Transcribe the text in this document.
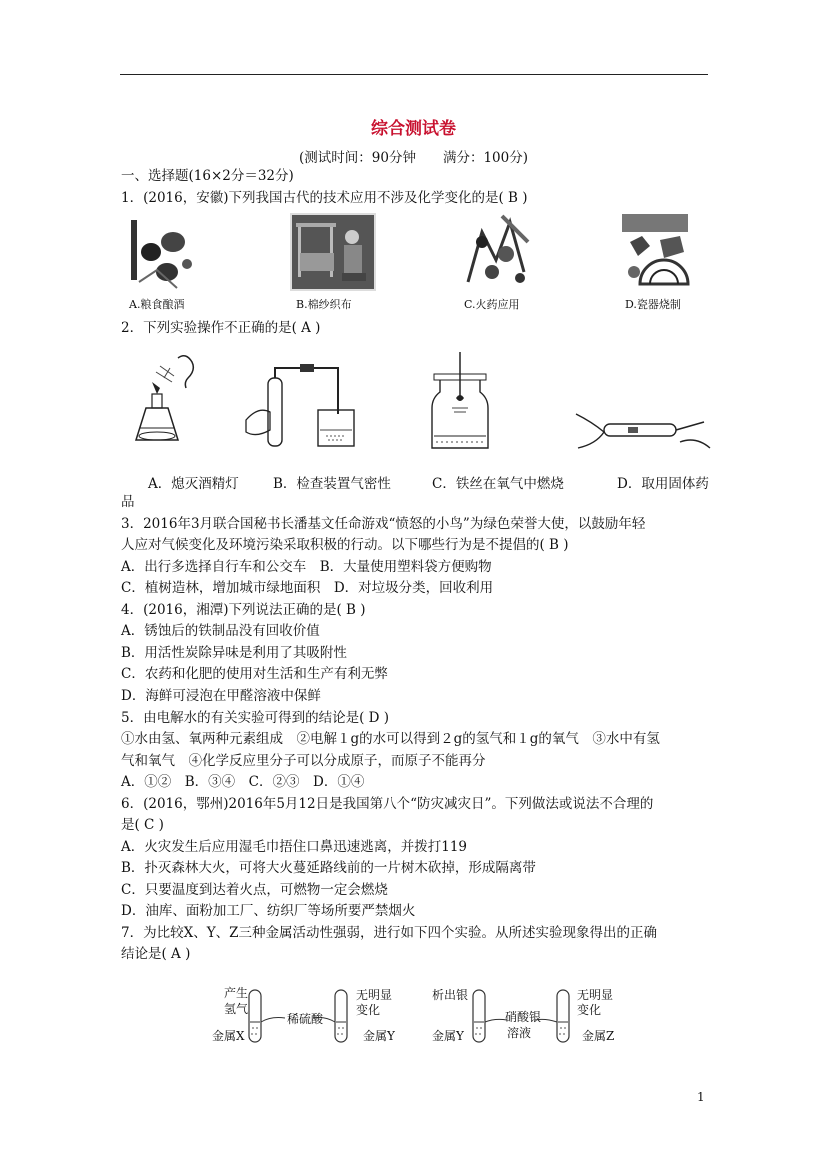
综合测试卷
(测试时间：90分钟　　满分：100分)
一、选择题(16×2分＝32分)
1．(2016，安徽)下列我国古代的技术应用不涉及化学变化的是( B )
A.粮食酿酒	B.棉纱织布	C.火药应用	D.瓷器烧制
2．下列实验操作不正确的是( A )
A．熄灭酒精灯	B．检查装置气密性	C．铁丝在氧气中燃烧	D．取用固体药
品
3．2016年3月联合国秘书长潘基文任命游戏“愤怒的小鸟”为绿色荣誉大使，以鼓励年轻
人应对气候变化及环境污染采取积极的行动。以下哪些行为是不提倡的( B )
A．出行多选择自行车和公交车　B．大量使用塑料袋方便购物
C．植树造林，增加城市绿地面积　D．对垃圾分类，回收利用
4．(2016，湘潭)下列说法正确的是( B )
A．锈蚀后的铁制品没有回收价值
B．用活性炭除异味是利用了其吸附性
C．农药和化肥的使用对生活和生产有利无弊
D．海鲜可浸泡在甲醛溶液中保鲜
5．由电解水的有关实验可得到的结论是( D )
①水由氢、氧两种元素组成　②电解１g的水可以得到２g的氢气和１g的氧气　③水中有氢
气和氧气　④化学反应里分子可以分成原子，而原子不能再分
A．①②　B．③④　C．②③　D．①④
6．(2016，鄂州)2016年5月12日是我国第八个“防灾减灾日”。下列做法或说法不合理的
是( C )
A．火灾发生后应用湿毛巾捂住口鼻迅速逃离，并拨打119
B．扑灭森林大火，可将大火蔓延路线前的一片树木砍掉，形成隔离带
C．只要温度到达着火点，可燃物一定会燃烧
D．油库、面粉加工厂、纺织厂等场所要严禁烟火
7．为比较X、Y、Z三种金属活动性强弱，进行如下四个实验。从所述实验现象得出的正确
结论是( A )
产生
氢气
金属X
稀硫酸
无明显
变化
金属Y
析出银
金属Y
硝酸银
溶液
无明显
变化
金属Z
1
